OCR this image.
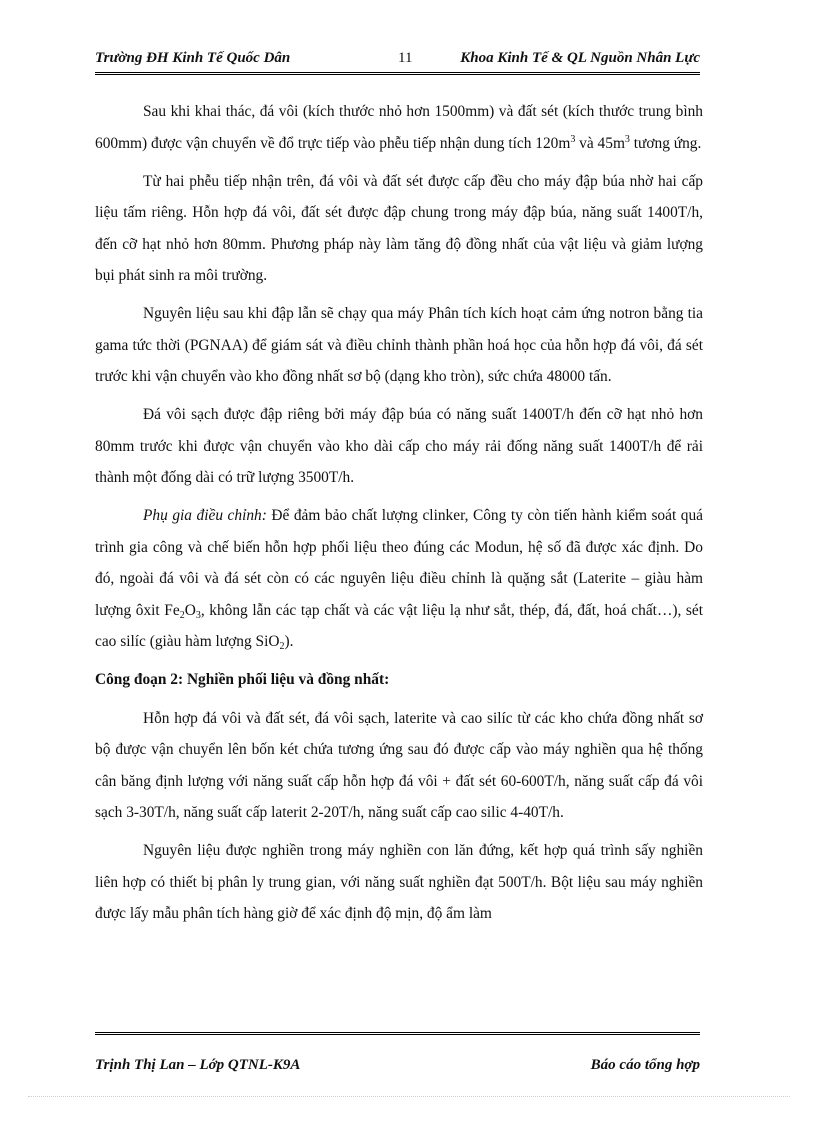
Trường ĐH Kinh Tế Quốc Dân	11	Khoa Kinh Tế & QL Nguồn Nhân Lực

Sau khi khai thác, đá vôi (kích thước nhỏ hơn 1500mm) và đất sét (kích thước trung bình 600mm) được vận chuyển về đổ trực tiếp vào phễu tiếp nhận dung tích $120m^3$ và $45m^3$ tương ứng.

Từ hai phễu tiếp nhận trên, đá vôi và đất sét được cấp đều cho máy đập búa nhờ hai cấp liệu tấm riêng. Hỗn hợp đá vôi, đất sét được đập chung trong máy đập búa, năng suất 1400T/h, đến cỡ hạt nhỏ hơn 80mm. Phương pháp này làm tăng độ đồng nhất của vật liệu và giảm lượng bụi phát sinh ra môi trường.

Nguyên liệu sau khi đập lẫn sẽ chạy qua máy Phân tích kích hoạt cảm ứng notron bằng tia gama tức thời (PGNAA) để giám sát và điều chỉnh thành phần hoá học của hỗn hợp đá vôi, đá sét trước khi vận chuyển vào kho đồng nhất sơ bộ (dạng kho tròn), sức chứa 48000 tấn.

Đá vôi sạch được đập riêng bởi máy đập búa có năng suất 1400T/h đến cỡ hạt nhỏ hơn 80mm trước khi được vận chuyển vào kho dài cấp cho máy rải đống năng suất 1400T/h để rải thành một đống dài có trữ lượng 3500T/h.

Phụ gia điều chỉnh: Để đảm bảo chất lượng clinker, Công ty còn tiến hành kiểm soát quá trình gia công và chế biến hỗn hợp phối liệu theo đúng các Modun, hệ số đã được xác định. Do đó, ngoài đá vôi và đá sét còn có các nguyên liệu điều chỉnh là quặng sắt (Laterite – giàu hàm lượng ôxit $Fe_2O_3$, không lẫn các tạp chất và các vật liệu lạ như sắt, thép, đá, đất, hoá chất…), sét cao silíc (giàu hàm lượng SiO$_2$).

Công đoạn 2: Nghiền phối liệu và đồng nhất:

Hỗn hợp đá vôi và đất sét, đá vôi sạch, laterite và cao silíc từ các kho chứa đồng nhất sơ bộ được vận chuyển lên bốn két chứa tương ứng sau đó được cấp vào máy nghiền qua hệ thống cân băng định lượng với năng suất cấp hỗn hợp đá vôi + đất sét 60-600T/h, năng suất cấp đá vôi sạch 3-30T/h, năng suất cấp laterit 2-20T/h, năng suất cấp cao silic 4-40T/h.

Nguyên liệu được nghiền trong máy nghiền con lăn đứng, kết hợp quá trình sấy nghiền liên hợp có thiết bị phân ly trung gian, với năng suất nghiền đạt 500T/h. Bột liệu sau máy nghiền được lấy mẫu phân tích hàng giờ để xác định độ mịn, độ ẩm làm

Trịnh Thị Lan – Lớp QTNL-K9A	Báo cáo tổng hợp
